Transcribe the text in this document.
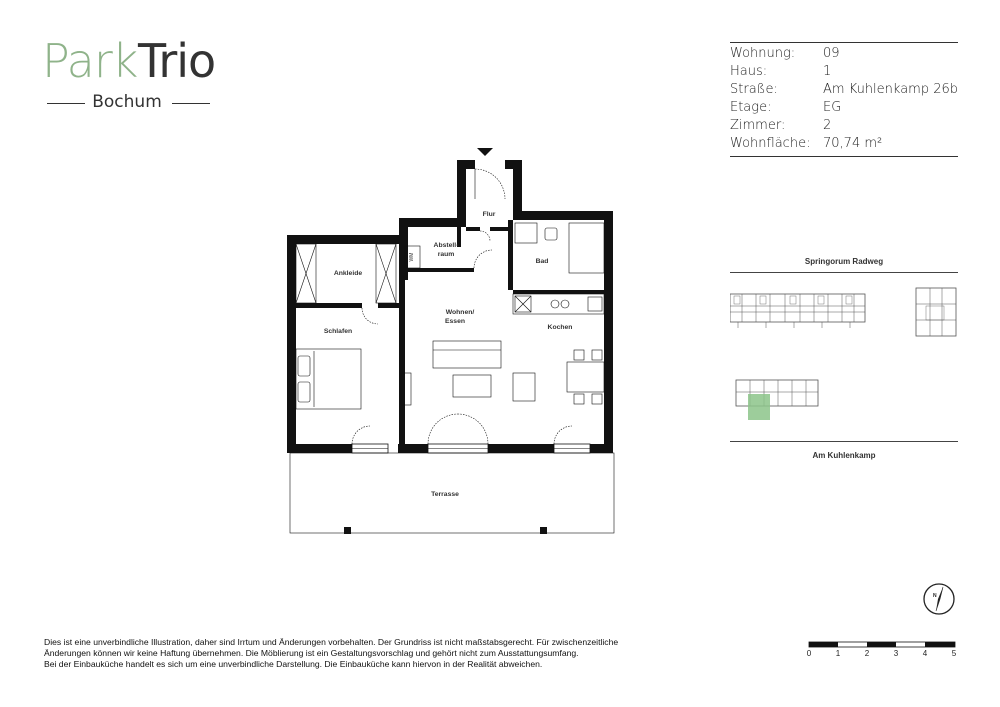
Park Trio
Bochum
Wohnung: 09
Haus:	1
Straße:	Am Kuhlenkamp 26b
Etage:	EG
Zimmer:	2
Wohnfläche: 70,74 m²
Springorum Radweg
Am Kuhlenkamp
Flur
Abstell-
raum
WM
Bad
Ankleide
Schlafen
Wohnen/
Essen
Kochen
Terrasse
N
0	1	2	3	4	5
Dies ist eine unverbindliche Illustration, daher sind Irrtum und Änderungen vorbehalten. Der Grundriss ist nicht maßstabsgerecht. Für zwischenzeitliche
Änderungen können wir keine Haftung übernehmen. Die Möblierung ist ein Gestaltungsvorschlag und gehört nicht zum Ausstattungsumfang.
Bei der Einbauküche handelt es sich um eine unverbindliche Darstellung. Die Einbauküche kann hiervon in der Realität abweichen.
